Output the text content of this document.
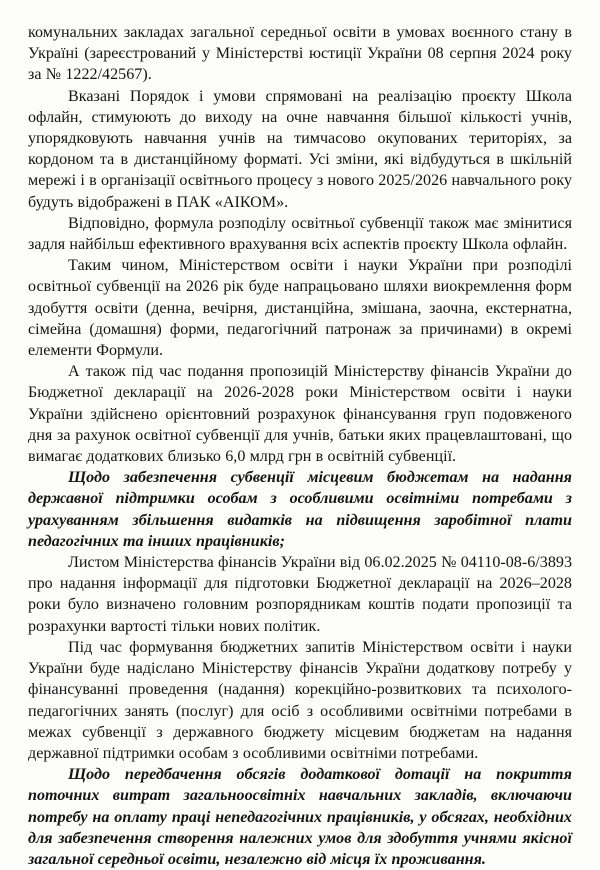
комунальних закладах загальної середньої освіти в умовах воєнного стану в Україні (зареєстрований у Міністерстві юстиції України 08 серпня 2024 року за № 1222/42567).

Вказані Порядок і умови спрямовані на реалізацію проєкту Школа офлайн, стимуюють до виходу на очне навчання більшої кількості учнів, упорядковують навчання учнів на тимчасово окупованих територіях, за кордоном та в дистанційному форматі. Усі зміни, які відбудуться в шкільній мережі і в організації освітнього процесу з нового 2025/2026 навчального року будуть відображені в ПАК «АІКОМ».

Відповідно, формула розподілу освітньої субвенції також має змінитися задля найбільш ефективного врахування всіх аспектів проєкту Школа офлайн.

Таким чином, Міністерством освіти і науки України при розподілі освітньої субвенції на 2026 рік буде напрацьовано шляхи виокремлення форм здобуття освіти (денна, вечірня, дистанційна, змішана, заочна, екстернатна, сімейна (домашня) форми, педагогічний патронаж за причинами) в окремі елементи Формули.

А також під час подання пропозицій Міністерству фінансів України до Бюджетної декларації на 2026-2028 роки Міністерством освіти і науки України здійснено орієнтовний розрахунок фінансування груп подовженого дня за рахунок освітної субвенції для учнів, батьки яких працевлаштовані, що вимагає додаткових близько 6,0 млрд грн в освітній субвенції.

Щодо забезпечення субвенції місцевим бюджетам на надання державної підтримки особам з особливими освітніми потребами з урахуванням збільшення видатків на підвищення заробітної плати педагогічних та інших працівників;

Листом Міністерства фінансів України від 06.02.2025 № 04110-08-6/3893 про надання інформації для підготовки Бюджетної декларації на 2026–2028 роки було визначено головним розпорядникам коштів подати пропозиції та розрахунки вартості тільки нових політик.

Під час формування бюджетних запитів Міністерством освіти і науки України буде надіслано Міністерству фінансів України додаткову потребу у фінансуванні проведення (надання) корекційно-розвиткових та психолого-педагогічних занять (послуг) для осіб з особливими освітніми потребами в межах субвенції з державного бюджету місцевим бюджетам на надання державної підтримки особам з особливими освітніми потребами.

Щодо передбачення обсягів додаткової дотації на покриття поточних витрат загальноосвітніх навчальних закладів, включаючи потребу на оплату праці непедагогічних працівників, у обсягах, необхідних для забезпечення створення належних умов для здобуття учнями якісної загальної середньої освіти, незалежно від місця їх проживання.
